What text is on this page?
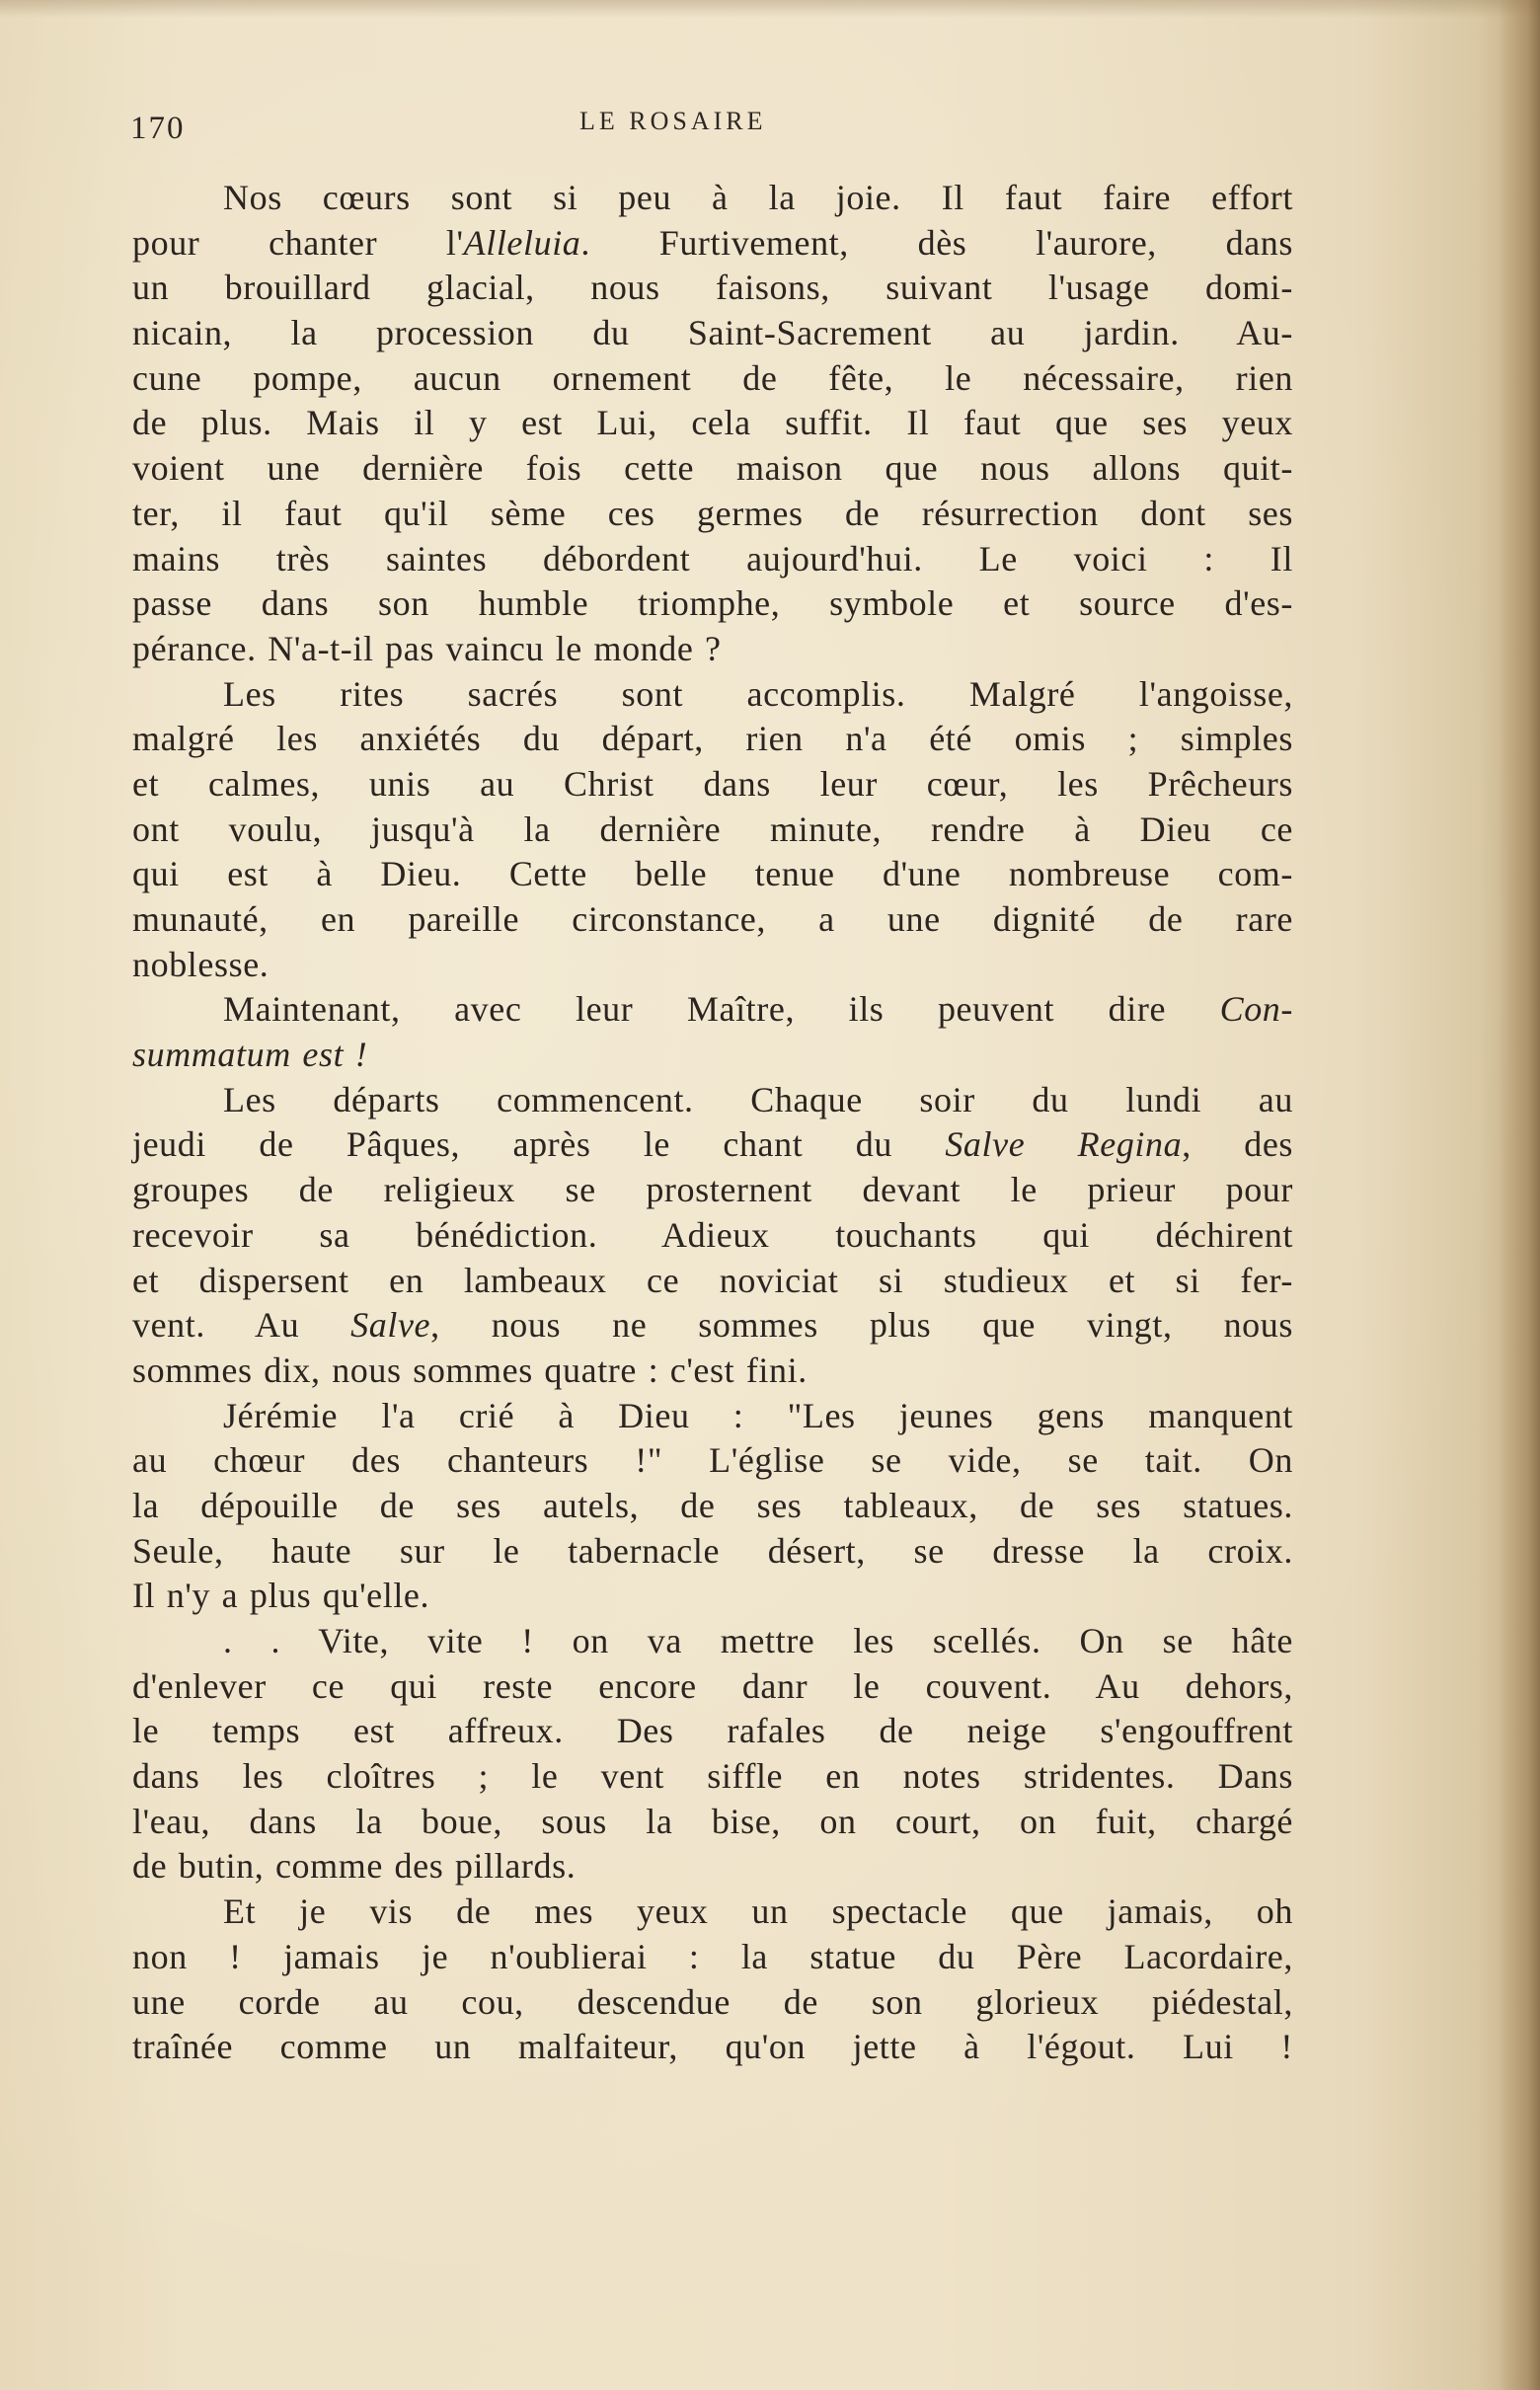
170	LE ROSAIRE
Nos cœurs sont si peu à la joie. Il faut faire effort
pour chanter l'Alleluia. Furtivement, dès l'aurore, dans
un brouillard glacial, nous faisons, suivant l'usage domi-
nicain, la procession du Saint-Sacrement au jardin. Au-
cune pompe, aucun ornement de fête, le nécessaire, rien
de plus. Mais il y est Lui, cela suffit. Il faut que ses yeux
voient une dernière fois cette maison que nous allons quit-
ter, il faut qu'il sème ces germes de résurrection dont ses
mains très saintes débordent aujourd'hui. Le voici : Il
passe dans son humble triomphe, symbole et source d'es-
pérance. N'a-t-il pas vaincu le monde ?
Les rites sacrés sont accomplis. Malgré l'angoisse,
malgré les anxiétés du départ, rien n'a été omis ; simples
et calmes, unis au Christ dans leur cœur, les Prêcheurs
ont voulu, jusqu'à la dernière minute, rendre à Dieu ce
qui est à Dieu. Cette belle tenue d'une nombreuse com-
munauté, en pareille circonstance, a une dignité de rare
noblesse.
Maintenant, avec leur Maître, ils peuvent dire Con-
summatum est !
Les départs commencent. Chaque soir du lundi au
jeudi de Pâques, après le chant du Salve Regina, des
groupes de religieux se prosternent devant le prieur pour
recevoir sa bénédiction. Adieux touchants qui déchirent
et dispersent en lambeaux ce noviciat si studieux et si fer-
vent. Au Salve, nous ne sommes plus que vingt, nous
sommes dix, nous sommes quatre : c'est fini.
Jérémie l'a crié à Dieu : "Les jeunes gens manquent
au chœur des chanteurs !" L'église se vide, se tait. On
la dépouille de ses autels, de ses tableaux, de ses statues.
Seule, haute sur le tabernacle désert, se dresse la croix.
Il n'y a plus qu'elle.
. . Vite, vite ! on va mettre les scellés. On se hâte
d'enlever ce qui reste encore danr le couvent. Au dehors,
le temps est affreux. Des rafales de neige s'engouffrent
dans les cloîtres ; le vent siffle en notes stridentes. Dans
l'eau, dans la boue, sous la bise, on court, on fuit, chargé
de butin, comme des pillards.
Et je vis de mes yeux un spectacle que jamais, oh
non ! jamais je n'oublierai : la statue du Père Lacordaire,
une corde au cou, descendue de son glorieux piédestal,
traînée comme un malfaiteur, qu'on jette à l'égout. Lui !
